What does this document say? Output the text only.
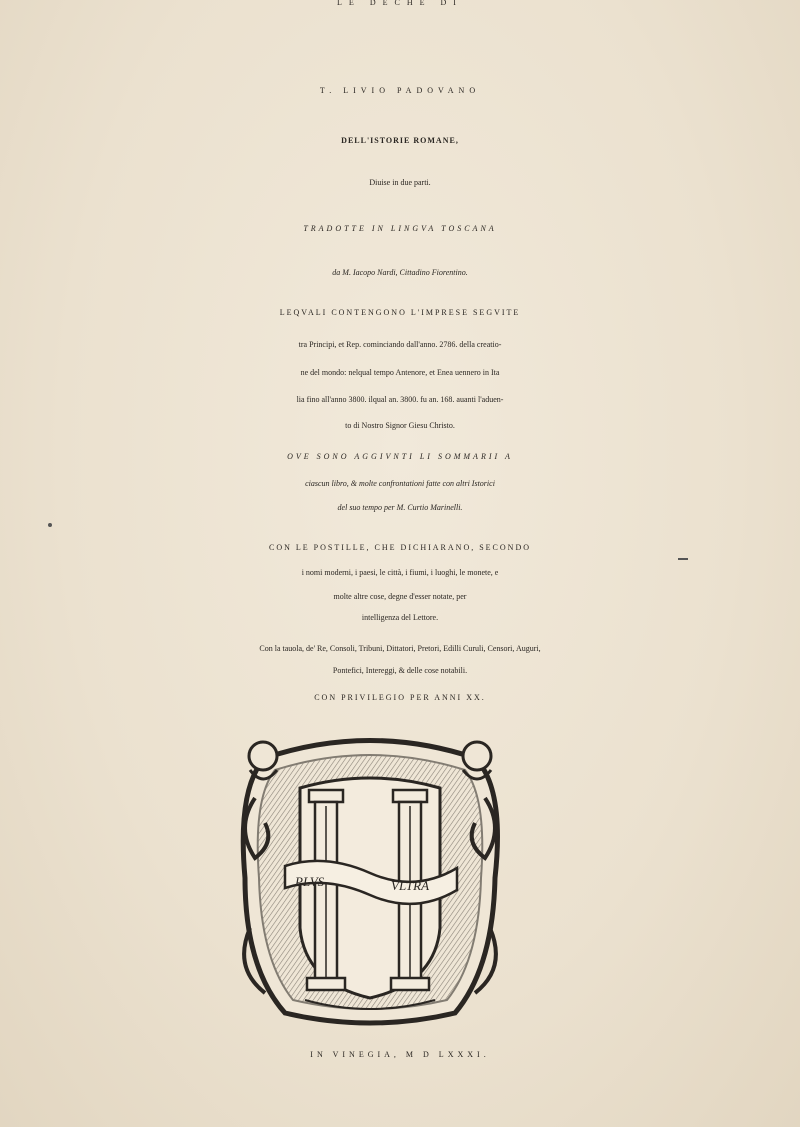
LE DECHE DI
T. LIVIO PADOVANO
DELL'ISTORIE ROMANE,
Diuise in due parti.
TRADOTTE IN LINGVA TOSCANA
da M. Iacopo Nardi, Cittadino Fiorentino.
LEQVALI CONTENGONO L'IMPRESE SEGVITE
tra Principi, et Rep. cominciando dall'anno. 2786. della creatio-
ne del mondo: nelqual tempo Antenore, et Enea uennero in Ita
lia fino all'anno 3800. ilqual an. 3800. fu an. 168. auanti l'aduen-
to di Nostro Signor Giesu Christo.
OVE SONO AGGIVNTI LI SOMMARII A
ciascun libro, & molte confrontationi fatte con altri Istorici
del suo tempo per M. Curtio Marinelli.
CON LE POSTILLE, CHE DICHIARANO, SECONDO
i nomi moderni, i paesi, le città, i fiumi, i luoghi, le monete, e
molte altre cose, degne d'esser notate, per
intelligenza del Lettore.
Con la tauola, de' Re, Consoli, Tribuni, Dittatori, Pretori, Edilli Curuli, Censori, Auguri,
Pontefici, Intereggi, & delle cose notabili.
CON PRIVILEGIO PER ANNI XX.
PLVS	VLTRA
IN VINEGIA, M D LXXXI.
